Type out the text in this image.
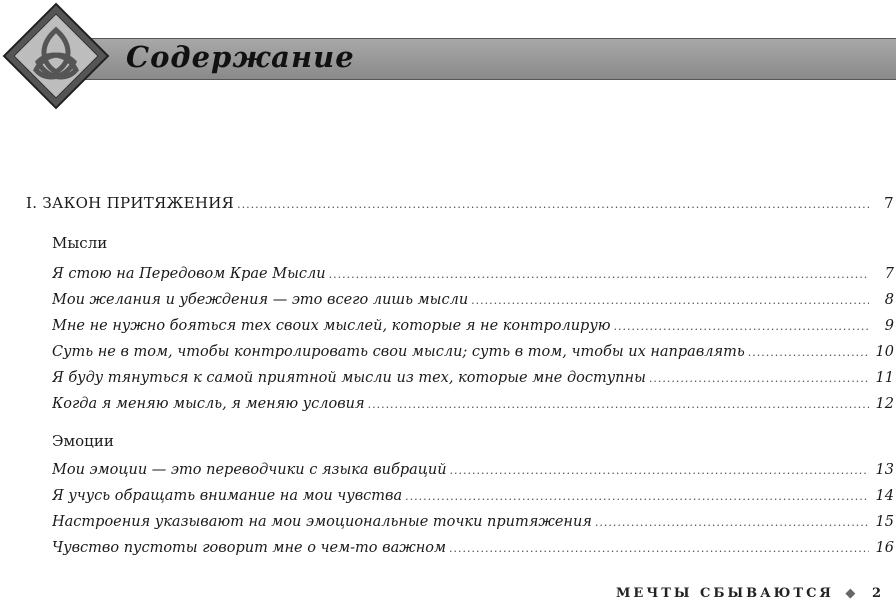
Содержание
I. ЗАКОН ПРИТЯЖЕНИЯ .....	7
Мысли
Я стою на Передовом Крае Мысли .....	7
Мои желания и убеждения — это всего лишь мысли .....	8
Мне не нужно бояться тех своих мыслей, которые я не контролирую .....	9
Суть не в том, чтобы контролировать свои мысли; суть в том, чтобы их направлять .....	10
Я буду тянуться к самой приятной мысли из тех, которые мне доступны .....	11
Когда я меняю мысль, я меняю условия .....	12
Эмоции
Мои эмоции — это переводчики с языка вибраций .....	13
Я учусь обращать внимание на мои чувства .....	14
Настроения указывают на мои эмоциональные точки притяжения .....	15
Чувство пустоты говорит мне о чем-то важном .....	16
МЕЧТЫ СБЫВАЮТСЯ ◆ 2
